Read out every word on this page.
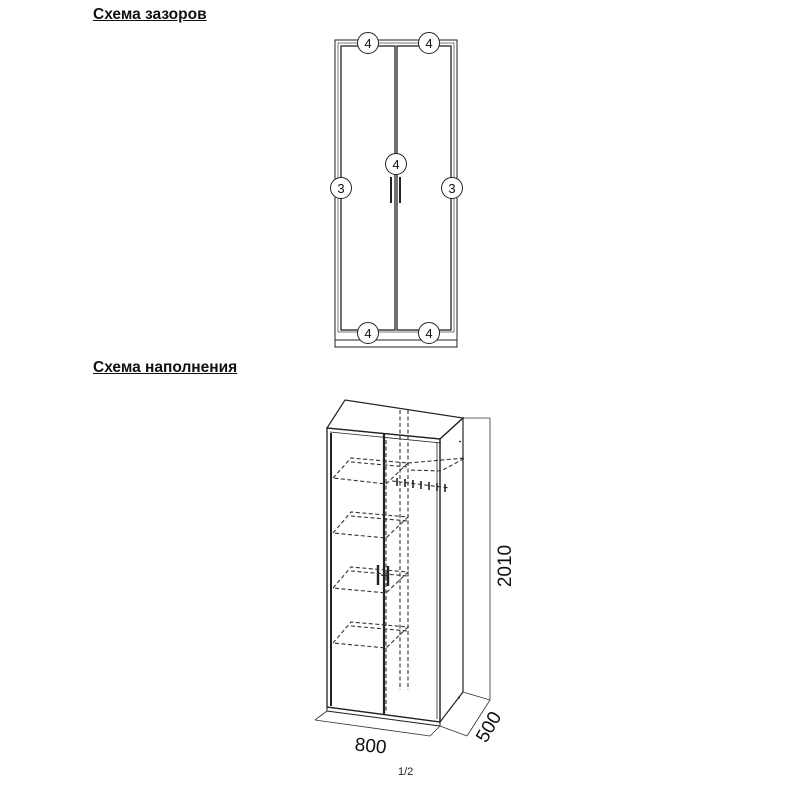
Схема зазоров
Схема наполнения
4	4
4
3	3
4	4
2010
800
500
1/2
